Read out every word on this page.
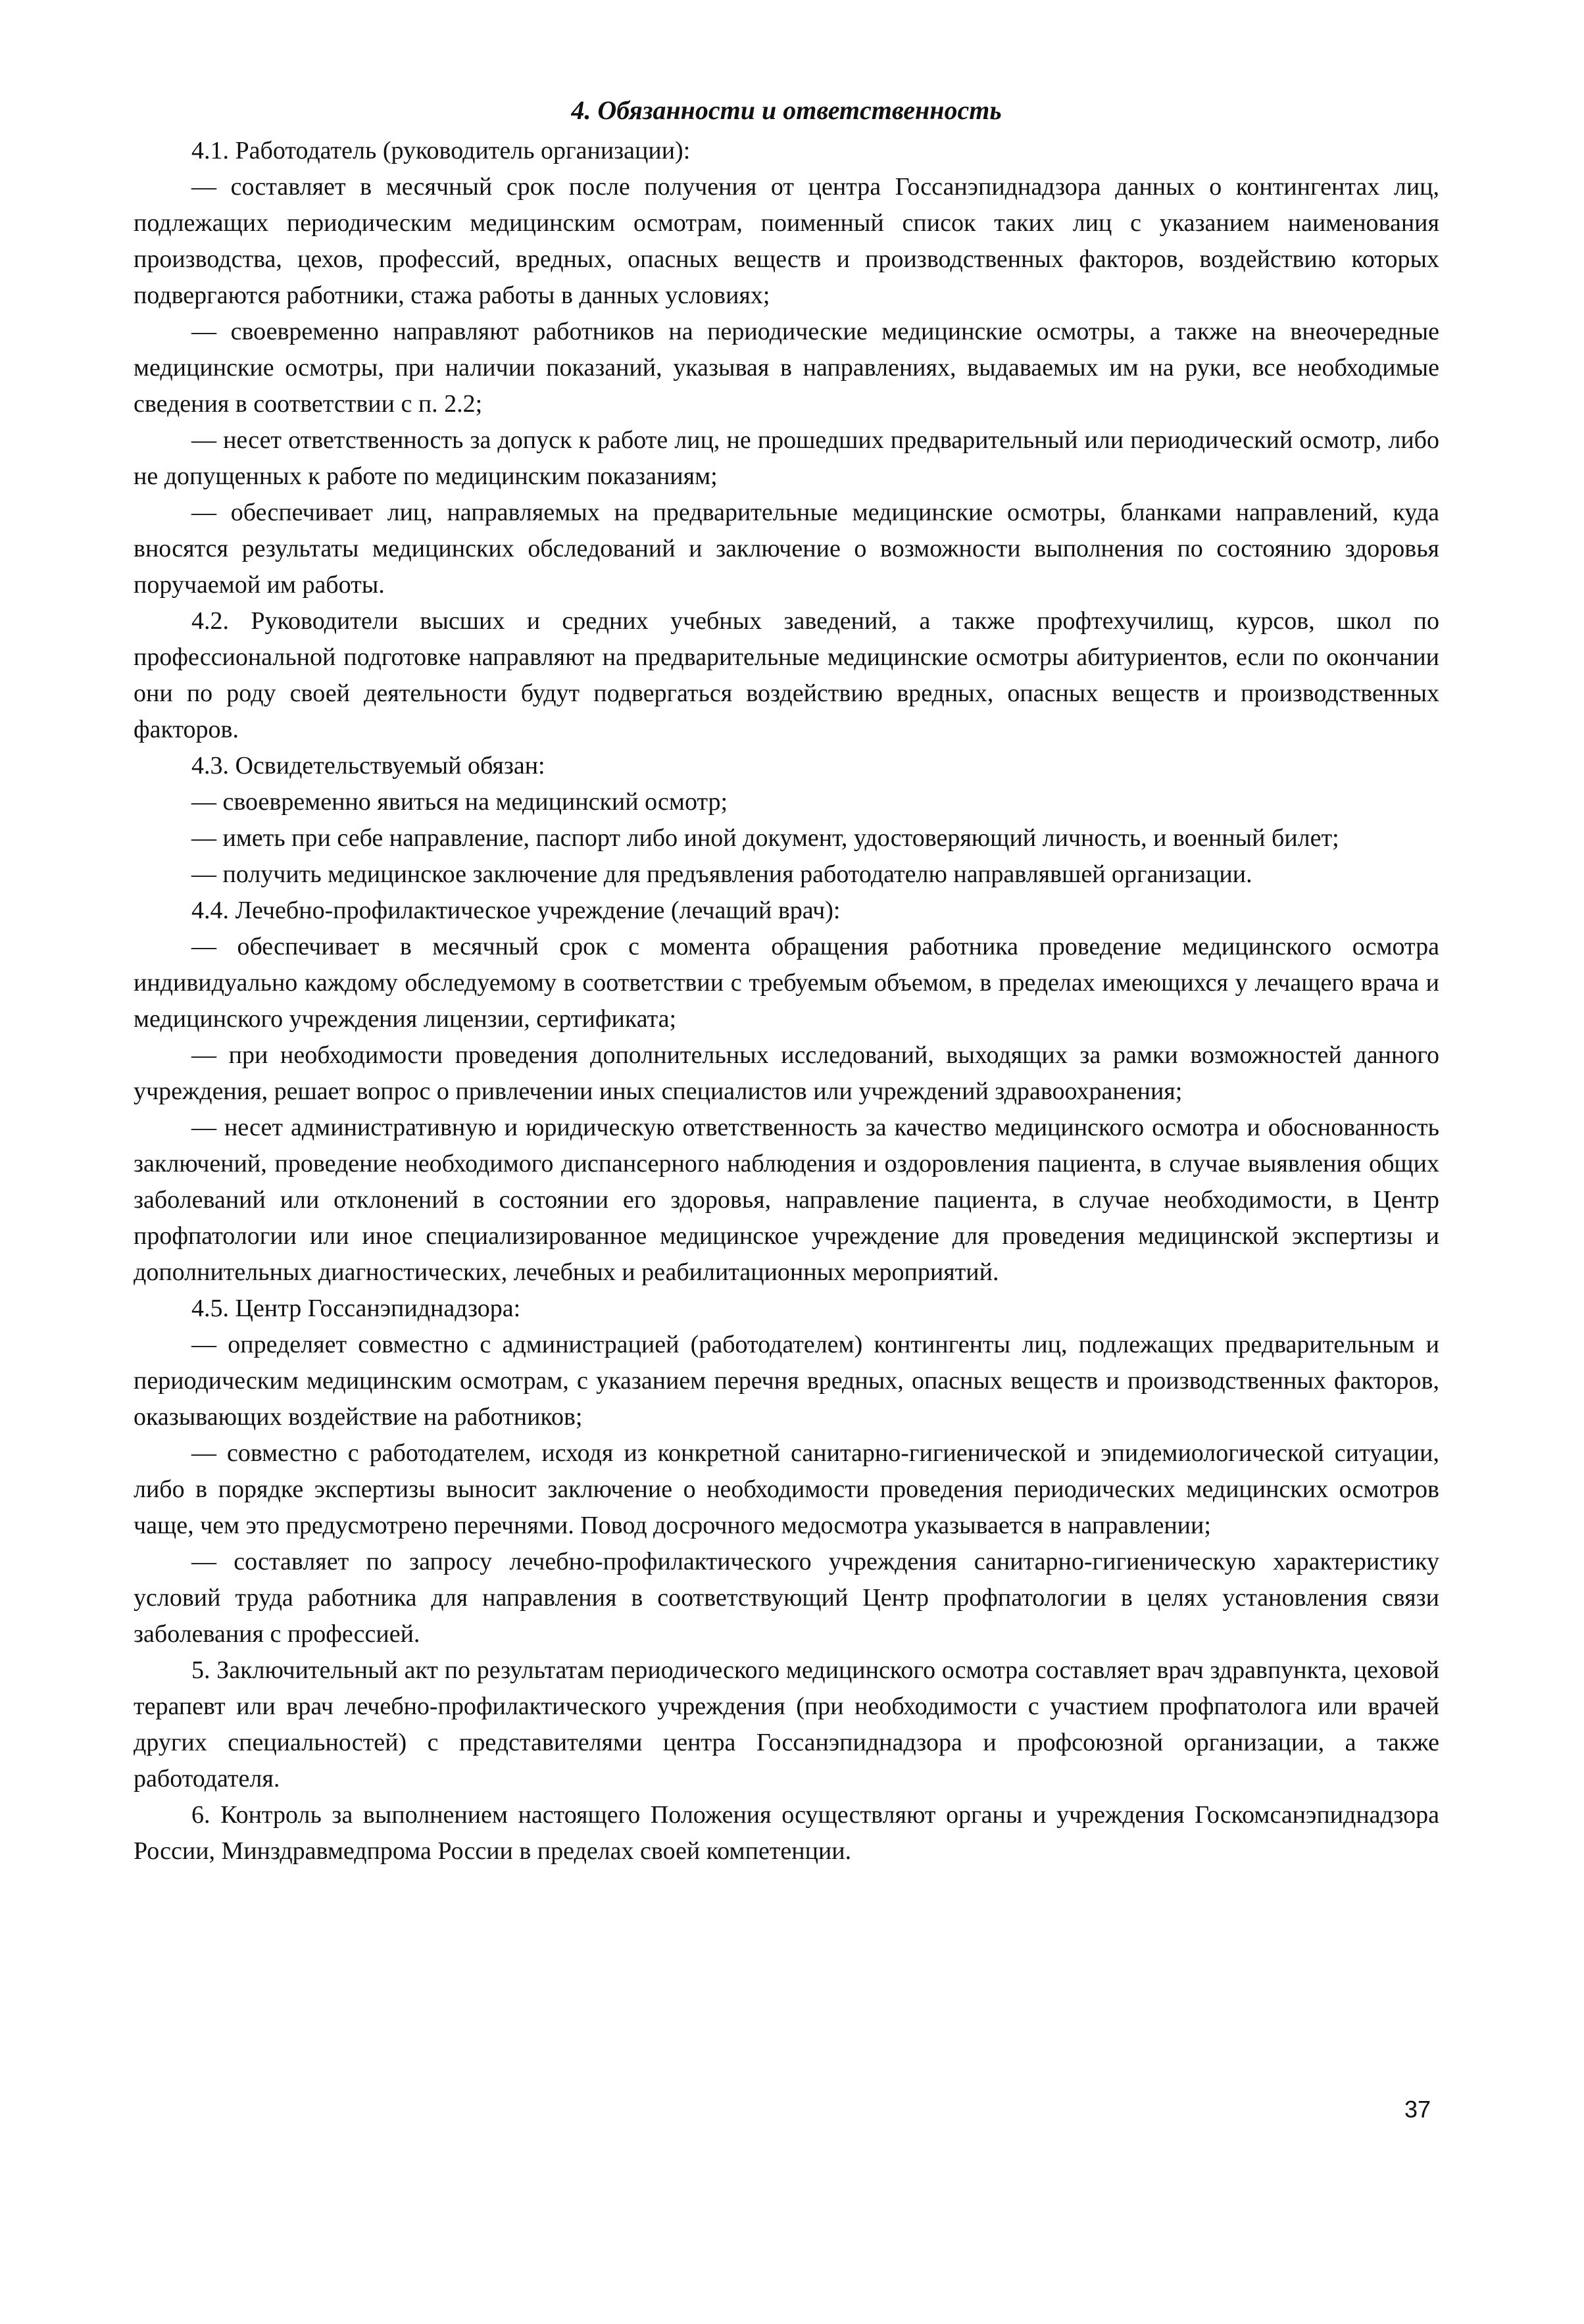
4. Обязанности и ответственность

4.1. Работодатель (руководитель организации):

— составляет в месячный срок после получения от центра Госсанэпиднадзора данных о контингентах лиц, подлежащих периодическим медицинским осмотрам, поименный список таких лиц с указанием наименования производства, цехов, профессий, вредных, опасных веществ и производственных факторов, воздействию которых подвергаются работники, стажа работы в данных условиях;

— своевременно направляют работников на периодические медицинские осмотры, а также на внеочередные медицинские осмотры, при наличии показаний, указывая в направлениях, выдаваемых им на руки, все необходимые сведения в соответствии с п. 2.2;

— несет ответственность за допуск к работе лиц, не прошедших предварительный или периодический осмотр, либо не допущенных к работе по медицинским показаниям;

— обеспечивает лиц, направляемых на предварительные медицинские осмотры, бланками направлений, куда вносятся результаты медицинских обследований и заключение о возможности выполнения по состоянию здоровья поручаемой им работы.

4.2. Руководители высших и средних учебных заведений, а также профтехучилищ, курсов, школ по профессиональной подготовке направляют на предварительные медицинские осмотры абитуриентов, если по окончании они по роду своей деятельности будут подвергаться воздействию вредных, опасных веществ и производственных факторов.

4.3. Освидетельствуемый обязан:

— своевременно явиться на медицинский осмотр;

— иметь при себе направление, паспорт либо иной документ, удостоверяющий личность, и военный билет;

— получить медицинское заключение для предъявления работодателю направлявшей организации.

4.4. Лечебно-профилактическое учреждение (лечащий врач):

— обеспечивает в месячный срок с момента обращения работника проведение медицинского осмотра индивидуально каждому обследуемому в соответствии с требуемым объемом, в пределах имеющихся у лечащего врача и медицинского учреждения лицензии, сертификата;

— при необходимости проведения дополнительных исследований, выходящих за рамки возможностей данного учреждения, решает вопрос о привлечении иных специалистов или учреждений здравоохранения;

— несет административную и юридическую ответственность за качество медицинского осмотра и обоснованность заключений, проведение необходимого диспансерного наблюдения и оздоровления пациента, в случае выявления общих заболеваний или отклонений в состоянии его здоровья, направление пациента, в случае необходимости, в Центр профпатологии или иное специализированное медицинское учреждение для проведения медицинской экспертизы и дополнительных диагностических, лечебных и реабилитационных мероприятий.

4.5. Центр Госсанэпиднадзора:

— определяет совместно с администрацией (работодателем) контингенты лиц, подлежащих предварительным и периодическим медицинским осмотрам, с указанием перечня вредных, опасных веществ и производственных факторов, оказывающих воздействие на работников;

— совместно с работодателем, исходя из конкретной санитарно-гигиенической и эпидемиологической ситуации, либо в порядке экспертизы выносит заключение о необходимости проведения периодических медицинских осмотров чаще, чем это предусмотрено перечнями. Повод досрочного медосмотра указывается в направлении;

— составляет по запросу лечебно-профилактического учреждения санитарно-гигиеническую характеристику условий труда работника для направления в соответствующий Центр профпатологии в целях установления связи заболевания с профессией.

5. Заключительный акт по результатам периодического медицинского осмотра составляет врач здравпункта, цеховой терапевт или врач лечебно-профилактического учреждения (при необходимости с участием профпатолога или врачей других специальностей) с представителями центра Госсанэпиднадзора и профсоюзной организации, а также работодателя.

6. Контроль за выполнением настоящего Положения осуществляют органы и учреждения Госкомсанэпиднадзора России, Минздравмедпрома России в пределах своей компетенции.

37
